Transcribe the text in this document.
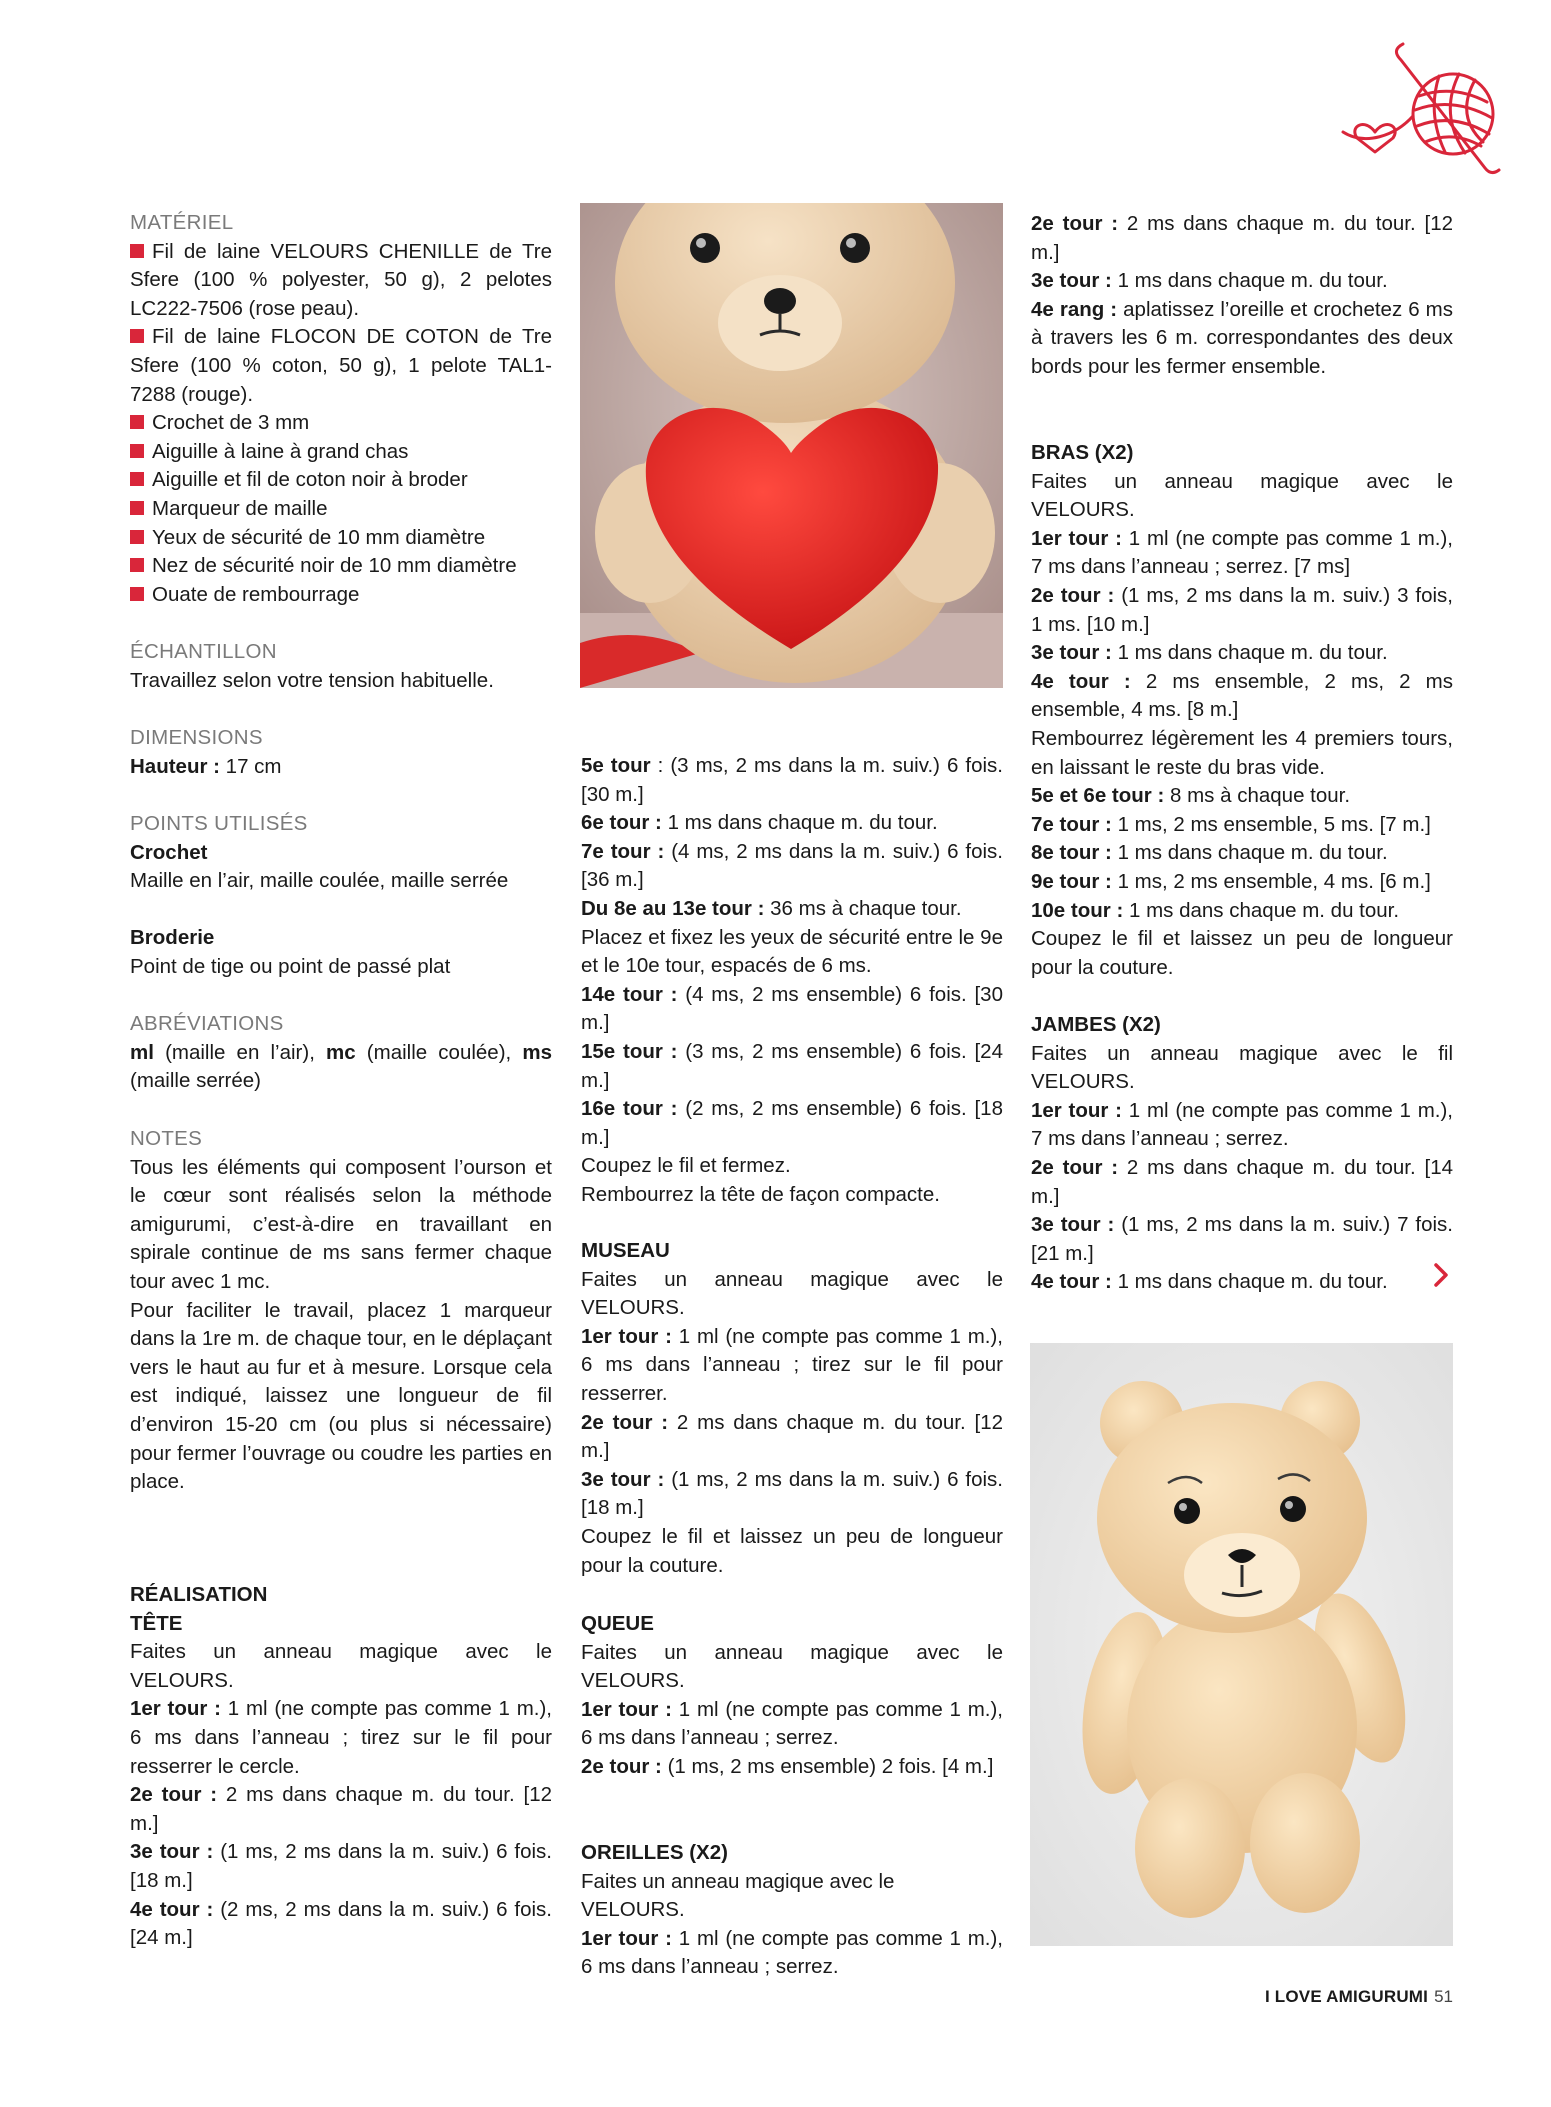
MATÉRIEL

Fil de laine VELOURS CHENILLE de Tre Sfere (100 % polyester, 50 g), 2 pelotes LC222-7506 (rose peau).

Fil de laine FLOCON DE COTON de Tre Sfere (100 % coton, 50 g), 1 pelote TAL1-7288 (rouge).

Crochet de 3 mm

Aiguille à laine à grand chas

Aiguille et fil de coton noir à broder

Marqueur de maille

Yeux de sécurité de 10 mm diamètre

Nez de sécurité noir de 10 mm diamètre

Ouate de rembourrage

ÉCHANTILLON

Travaillez selon votre tension habituelle.

DIMENSIONS

Hauteur : 17 cm

POINTS UTILISÉS

Crochet

Maille en l’air, maille coulée, maille serrée

Broderie

Point de tige ou point de passé plat

ABRÉVIATIONS

ml (maille en l’air), mc (maille coulée), ms (maille serrée)

NOTES

Tous les éléments qui composent l’ourson et le cœur sont réalisés selon la méthode amigurumi, c’est-à-dire en travaillant en spirale continue de ms sans fermer chaque tour avec 1 mc.

Pour faciliter le travail, placez 1 marqueur dans la 1re m. de chaque tour, en le déplaçant vers le haut au fur et à mesure. Lorsque cela est indiqué, laissez une longueur de fil d’environ 15-20 cm (ou plus si nécessaire) pour fermer l’ouvrage ou coudre les parties en place.

RÉALISATION

TÊTE

Faites un anneau magique avec le VELOURS.

1er tour : 1 ml (ne compte pas comme 1 m.), 6 ms dans l’anneau ; tirez sur le fil pour resserrer le cercle.

2e tour : 2 ms dans chaque m. du tour. [12 m.]

3e tour : (1 ms, 2 ms dans la m. suiv.) 6 fois. [18 m.]

4e tour : (2 ms, 2 ms dans la m. suiv.) 6 fois. [24 m.]

5e tour : (3 ms, 2 ms dans la m. suiv.) 6 fois. [30 m.]

6e tour : 1 ms dans chaque m. du tour.

7e tour : (4 ms, 2 ms dans la m. suiv.) 6 fois. [36 m.]

Du 8e au 13e tour : 36 ms à chaque tour.

Placez et fixez les yeux de sécurité entre le 9e et le 10e tour, espacés de 6 ms.

14e tour : (4 ms, 2 ms ensemble) 6 fois. [30 m.]

15e tour : (3 ms, 2 ms ensemble) 6 fois. [24 m.]

16e tour : (2 ms, 2 ms ensemble) 6 fois. [18 m.]

Coupez le fil et fermez.

Rembourrez la tête de façon compacte.

MUSEAU

Faites un anneau magique avec le VELOURS.

1er tour : 1 ml (ne compte pas comme 1 m.), 6 ms dans l’anneau ; tirez sur le fil pour resserrer.

2e tour : 2 ms dans chaque m. du tour. [12 m.]

3e tour : (1 ms, 2 ms dans la m. suiv.) 6 fois. [18 m.]

Coupez le fil et laissez un peu de longueur pour la couture.

QUEUE

Faites un anneau magique avec le VELOURS.

1er tour : 1 ml (ne compte pas comme 1 m.), 6 ms dans l’anneau ; serrez.

2e tour : (1 ms, 2 ms ensemble) 2 fois. [4 m.]

OREILLES (X2)

Faites un anneau magique avec le VELOURS.

1er tour : 1 ml (ne compte pas comme 1 m.), 6 ms dans l’anneau ; serrez.

2e tour : 2 ms dans chaque m. du tour. [12 m.]

3e tour : 1 ms dans chaque m. du tour.

4e rang : aplatissez l’oreille et crochetez 6 ms à travers les 6 m. correspondantes des deux bords pour les fermer ensemble.

BRAS (X2)

Faites un anneau magique avec le VELOURS.

1er tour : 1 ml (ne compte pas comme 1 m.), 7 ms dans l’anneau ; serrez. [7 ms]

2e tour : (1 ms, 2 ms dans la m. suiv.) 3 fois, 1 ms. [10 m.]

3e tour : 1 ms dans chaque m. du tour.

4e tour : 2 ms ensemble, 2 ms, 2 ms ensemble, 4 ms. [8 m.]

Rembourrez légèrement les 4 premiers tours, en laissant le reste du bras vide.

5e et 6e tour : 8 ms à chaque tour.

7e tour : 1 ms, 2 ms ensemble, 5 ms. [7 m.]

8e tour : 1 ms dans chaque m. du tour.

9e tour : 1 ms, 2 ms ensemble, 4 ms. [6 m.]

10e tour : 1 ms dans chaque m. du tour.

Coupez le fil et laissez un peu de longueur pour la couture.

JAMBES (X2)

Faites un anneau magique avec le fil VELOURS.

1er tour : 1 ml (ne compte pas comme 1 m.), 7 ms dans l’anneau ; serrez.

2e tour : 2 ms dans chaque m. du tour. [14 m.]

3e tour : (1 ms, 2 ms dans la m. suiv.) 7 fois. [21 m.]

4e tour : 1 ms dans chaque m. du tour.

I LOVE AMIGURUMI 51
